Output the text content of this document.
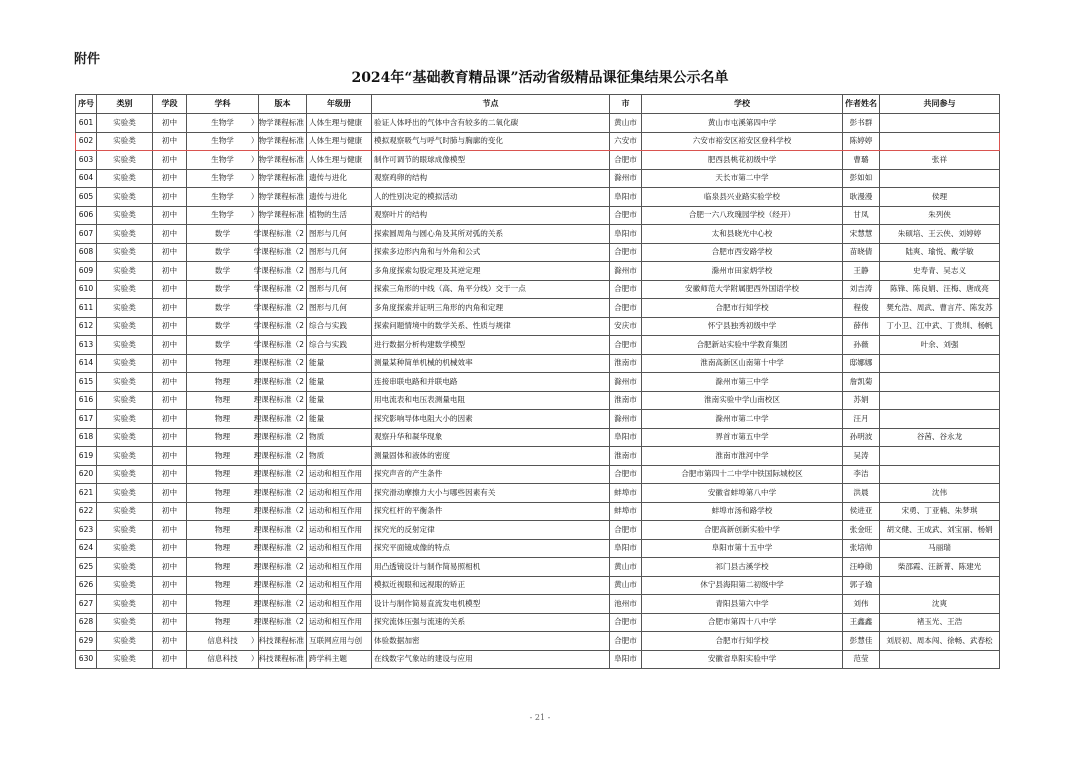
附件
2024年“基础教育精品课”活动省级精品课征集结果公示名单
序号	类别	学段	学科	版本	年级册	节点	市	学校	作者姓名	共同参与
601	实验类	初中	生物学	物学课程标准（	人体生理与健康	验证人体呼出的气体中含有较多的二氧化碳	黄山市	黄山市屯溪第四中学	彭书群	
602	实验类	初中	生物学	物学课程标准（	人体生理与健康	模拟观察吸气与呼气时肺与胸廓的变化	六安市	六安市裕安区裕安区登科学校	陈婷婷	
603	实验类	初中	生物学	物学课程标准（	人体生理与健康	制作可调节的眼球成像模型	合肥市	肥西县桃花初级中学	曹璐	张祥
604	实验类	初中	生物学	物学课程标准（	遗传与进化	观察鸡卵的结构	滁州市	天长市第二中学	彭如如	
605	实验类	初中	生物学	物学课程标准（	遗传与进化	人的性别决定的模拟活动	阜阳市	临泉县兴业路实验学校	耿漫漫	侯理
606	实验类	初中	生物学	物学课程标准（	植物的生活	观察叶片的结构	合肥市	合肥一六八玫瑰园学校（经开）	甘凤	朱列侠
607	实验类	初中	数学	学课程标准（2	图形与几何	探索圆周角与圆心角及其所对弧的关系	阜阳市	太和县晓光中心校	宋慧慧	朱硕培、王云侠、刘婷婷
608	实验类	初中	数学	学课程标准（2	图形与几何	探索多边形内角和与外角和公式	合肥市	合肥市西安路学校	苗晓倩	陆爽、瑜悦、戴学敏
609	实验类	初中	数学	学课程标准（2	图形与几何	多角度探索勾股定理及其逆定理	滁州市	滁州市田家炳学校	王静	史寿青、吴志义
610	实验类	初中	数学	学课程标准（2	图形与几何	探索三角形的中线（高、角平分线）交于一点	合肥市	安徽师范大学附属肥西外国语学校	刘吉涛	陈锋、陈良娟、汪梅、唐成亮
611	实验类	初中	数学	学课程标准（2	图形与几何	多角度探索并证明三角形的内角和定理	合肥市	合肥市行知学校	程俊	樊允浩、周武、曹言芹、陈发苏
612	实验类	初中	数学	学课程标准（2	综合与实践	探索问题情境中的数学关系、性质与规律	安庆市	怀宁县独秀初级中学	薛伟	丁小卫、江中武、丁贵圳、杨帆
613	实验类	初中	数学	学课程标准（2	综合与实践	进行数据分析构建数学模型	合肥市	合肥新站实验中学教育集团	孙薇	叶余、刘强
614	实验类	初中	物理	理课程标准（2	能量	测量某种简单机械的机械效率	淮南市	淮南高新区山南第十中学	邸娜娜	
615	实验类	初中	物理	理课程标准（2	能量	连接串联电路和并联电路	滁州市	滁州市第三中学	詹凯菊	
616	实验类	初中	物理	理课程标准（2	能量	用电流表和电压表测量电阻	淮南市	淮南实验中学山南校区	苏娟	
617	实验类	初中	物理	理课程标准（2	能量	探究影响导体电阻大小的因素	滁州市	滁州市第二中学	汪月	
618	实验类	初中	物理	理课程标准（2	物质	观察升华和凝华现象	阜阳市	界首市第五中学	孙明波	谷茜、谷永龙
619	实验类	初中	物理	理课程标准（2	物质	测量固体和液体的密度	淮南市	淮南市淮河中学	吴涛	
620	实验类	初中	物理	理课程标准（2	运动和相互作用	探究声音的产生条件	合肥市	合肥市第四十二中学中铁国际城校区	李洁	
621	实验类	初中	物理	理课程标准（2	运动和相互作用	探究滑动摩擦力大小与哪些因素有关	蚌埠市	安徽省蚌埠第八中学	洪晨	沈伟
622	实验类	初中	物理	理课程标准（2	运动和相互作用	探究杠杆的平衡条件	蚌埠市	蚌埠市汤和路学校	侯进亚	宋勇、丁亚楠、朱梦琪
623	实验类	初中	物理	理课程标准（2	运动和相互作用	探究光的反射定律	合肥市	合肥高新创新实验中学	张金旺	胡文健、王成武、刘宝丽、杨娟
624	实验类	初中	物理	理课程标准（2	运动和相互作用	探究平面镜成像的特点	阜阳市	阜阳市第十五中学	张培帅	马丽瑞
625	实验类	初中	物理	理课程标准（2	运动和相互作用	用凸透镜设计与制作简易照相机	黄山市	祁门县古溪学校	汪峥勋	柴邵霞、汪新菁、陈建光
626	实验类	初中	物理	理课程标准（2	运动和相互作用	模拟近视眼和远视眼的矫正	黄山市	休宁县海阳第二初级中学	郭子瑜	
627	实验类	初中	物理	理课程标准（2	运动和相互作用	设计与制作简易直流发电机模型	池州市	青阳县第六中学	刘伟	沈爽
628	实验类	初中	物理	理课程标准（2	运动和相互作用	探究流体压强与流速的关系	合肥市	合肥市第四十八中学	王鑫鑫	褚玉光、王浩
629	实验类	初中	信息科技	科技课程标准（	互联网应用与创	体验数据加密	合肥市	合肥市行知学校	彭慧佳	刘辰初、周本闯、徐畅、武春松
630	实验类	初中	信息科技	科技课程标准（	跨学科主题	在线数字气象站的建设与应用	阜阳市	安徽省阜阳实验中学	范莹	
- 21 -
